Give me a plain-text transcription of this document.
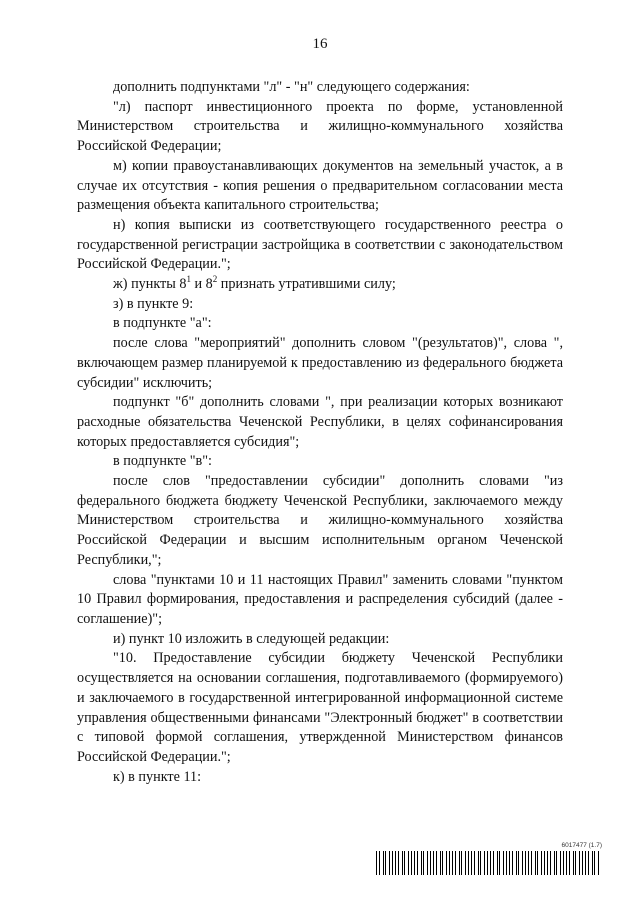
16

дополнить подпунктами "л" - "н" следующего содержания:

"л) паспорт инвестиционного проекта по форме, установленной Министерством строительства и жилищно-коммунального хозяйства Российской Федерации;

м) копии правоустанавливающих документов на земельный участок, а в случае их отсутствия - копия решения о предварительном согласовании места размещения объекта капитального строительства;

н) копия выписки из соответствующего государственного реестра о государственной регистрации застройщика в соответствии с законодательством Российской Федерации.";

ж) пункты $8^1$ и $8^2$ признать утратившими силу;

з) в пункте 9:

в подпункте "а":

после слова "мероприятий" дополнить словом "(результатов)", слова ", включающем размер планируемой к предоставлению из федерального бюджета субсидии" исключить;

подпункт "б" дополнить словами ", при реализации которых возникают расходные обязательства Чеченской Республики, в целях софинансирования которых предоставляется субсидия";

в подпункте "в":

после слов "предоставлении субсидии" дополнить словами "из федерального бюджета бюджету Чеченской Республики, заключаемого между Министерством строительства и жилищно-коммунального хозяйства Российской Федерации и высшим исполнительным органом Чеченской Республики,";

слова "пунктами 10 и 11 настоящих Правил" заменить словами "пунктом 10 Правил формирования, предоставления и распределения субсидий (далее - соглашение)";

и) пункт 10 изложить в следующей редакции:

"10. Предоставление субсидии бюджету Чеченской Республики осуществляется на основании соглашения, подготавливаемого (формируемого) и заключаемого в государственной интегрированной информационной системе управления общественными финансами "Электронный бюджет" в соответствии с типовой формой соглашения, утвержденной Министерством финансов Российской Федерации.";

к) в пункте 11:

6017477 (1.7)
